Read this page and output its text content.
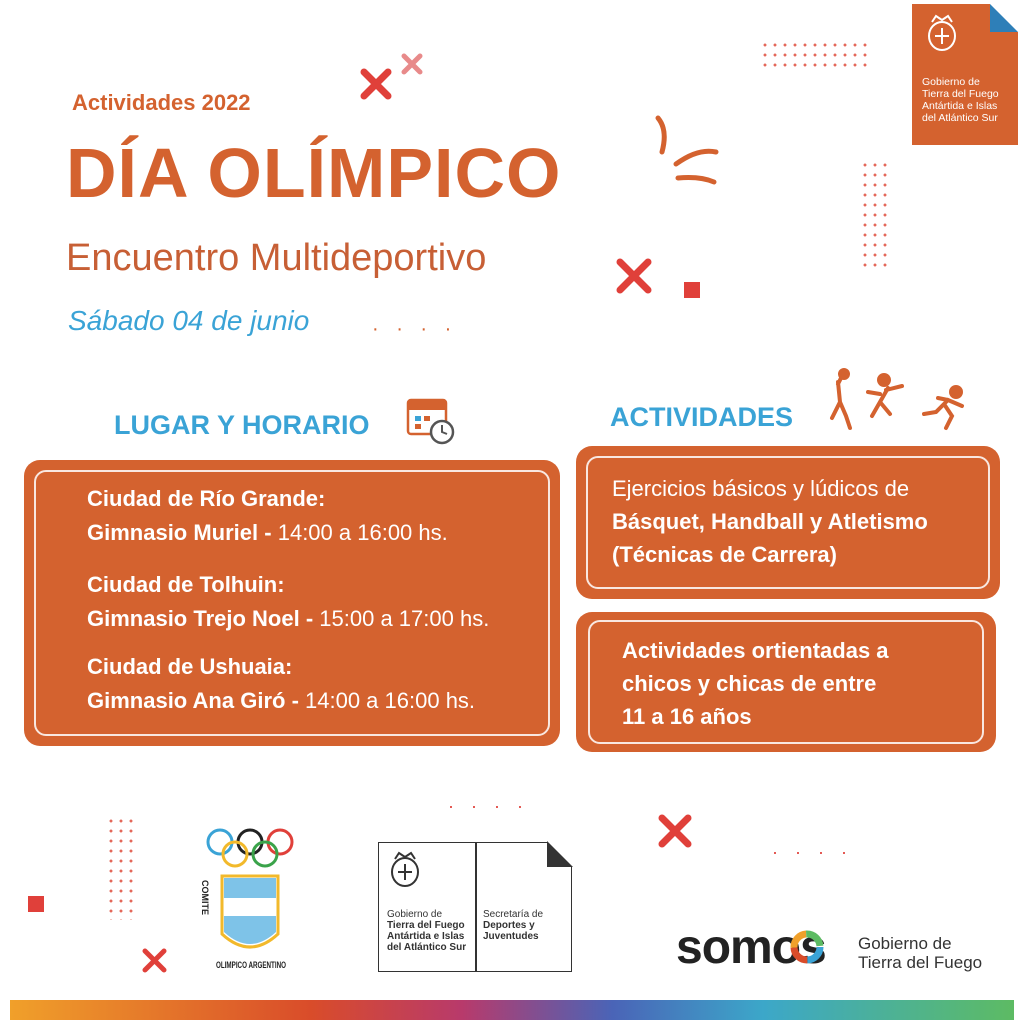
Actividades 2022
DÍA OLÍMPICO
Encuentro Multideportivo
Sábado 04 de junio	· · · ·
Gobierno de
Tierra del Fuego
Antártida e Islas
del Atlántico Sur
LUGAR Y HORARIO
Ciudad de Río Grande:
Gimnasio Muriel - 14:00 a 16:00 hs.
Ciudad de Tolhuin:
Gimnasio Trejo Noel - 15:00 a 17:00 hs.
Ciudad de Ushuaia:
Gimnasio Ana Giró - 14:00 a 16:00 hs.
ACTIVIDADES
Ejercicios básicos y lúdicos de
Básquet, Handball y Atletismo
(Técnicas de Carrera)
Actividades ortientadas a
chicos y chicas de entre
11 a 16 años
· · · ·
· · · ·
COMITE
OLIMPICO ARGENTINO
Gobierno de
Tierra del Fuego
Antártida e Islas
del Atlántico Sur
Secretaría de
Deportes y
Juventudes	somos Gobierno de
Tierra del Fuego
